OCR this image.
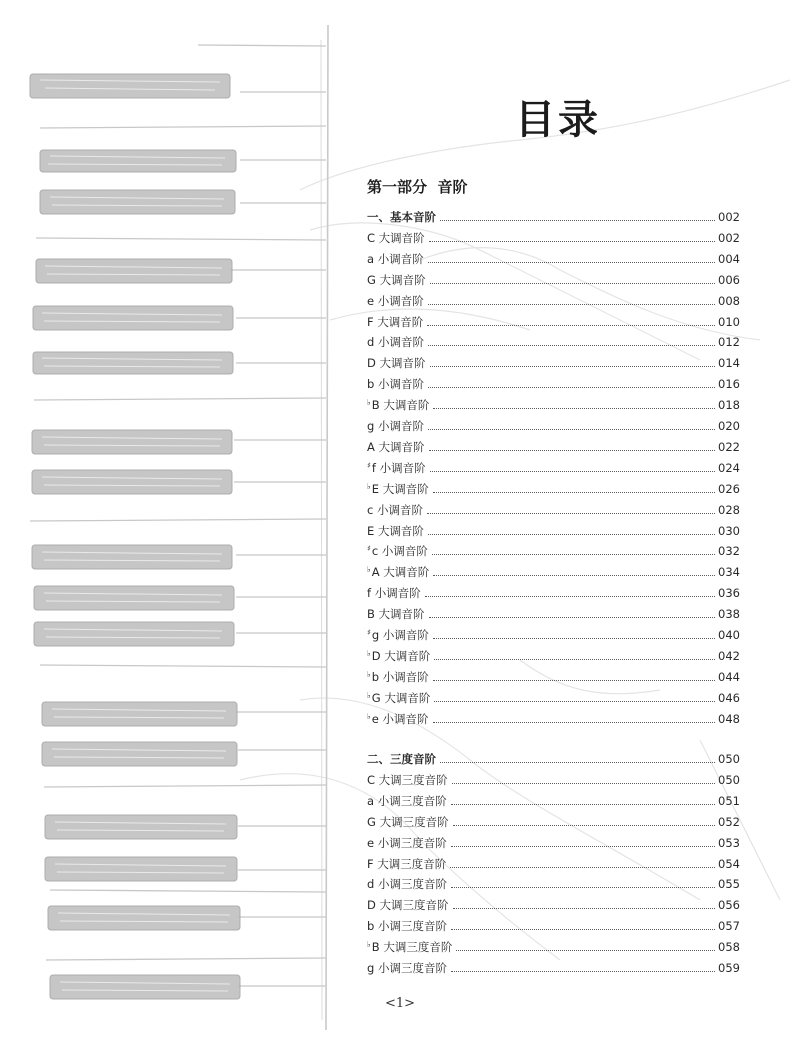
目录
第一部分  音阶
一、基本音阶	002
C 大调音阶	002
a 小调音阶	004
G 大调音阶	006
e 小调音阶	008
F 大调音阶	010
d 小调音阶	012
D 大调音阶	014
b 小调音阶	016
♭B 大调音阶	018
g 小调音阶	020
A 大调音阶	022
♯f 小调音阶	024
♭E 大调音阶	026
c 小调音阶	028
E 大调音阶	030
♯c 小调音阶	032
♭A 大调音阶	034
f 小调音阶	036
B 大调音阶	038
♯g 小调音阶	040
♭D 大调音阶	042
♭b 小调音阶	044
♭G 大调音阶	046
♭e 小调音阶	048
二、三度音阶	050
C 大调三度音阶	050
a 小调三度音阶	051
G 大调三度音阶	052
e 小调三度音阶	053
F 大调三度音阶	054
d 小调三度音阶	055
D 大调三度音阶	056
b 小调三度音阶	057
♭B 大调三度音阶	058
g 小调三度音阶	059
<1>
